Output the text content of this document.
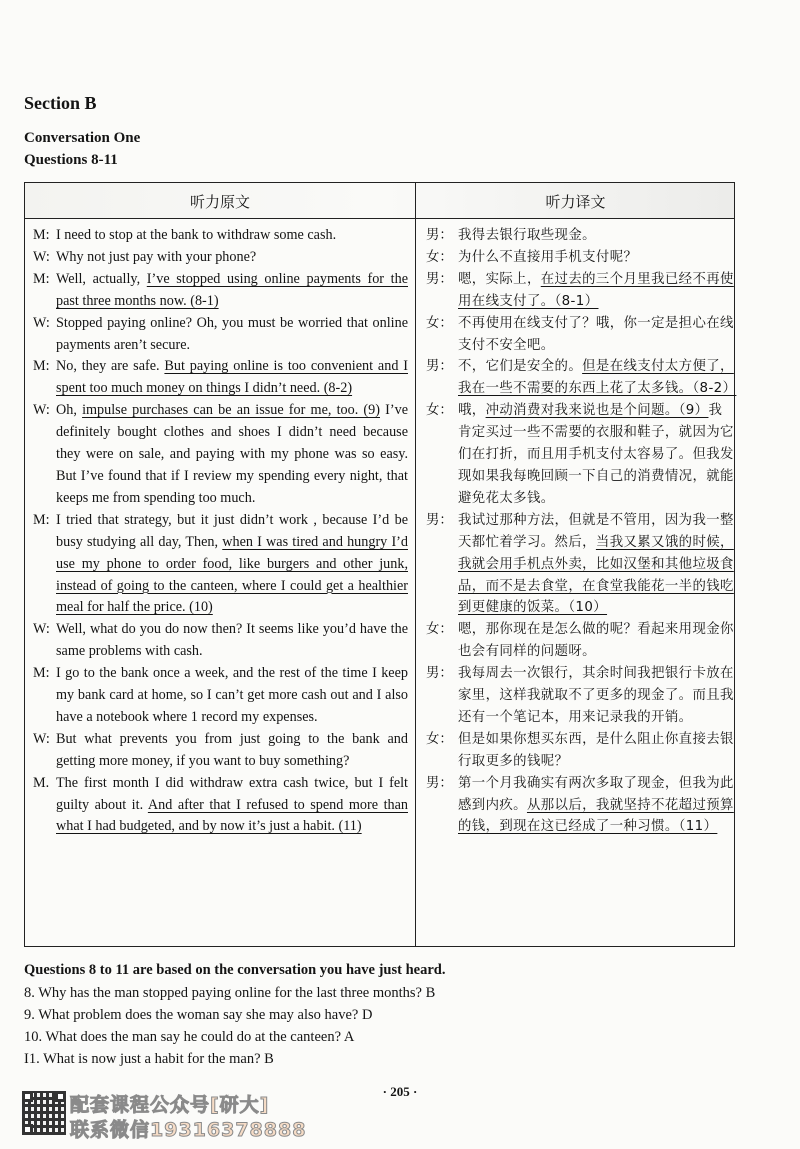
Section B
Conversation One
Questions 8-11
听力原文	听力译文
M: I need to stop at the bank to withdraw some cash.
W: Why not just pay with your phone?
M: Well, actually, I’ve stopped using online payments for the past three months now. (8-1)
W: Stopped paying online? Oh, you must be worried that online payments aren’t secure.
M: No, they are safe. But paying online is too convenient and I spent too much money on things I didn’t need. (8-2)
W: Oh, impulse purchases can be an issue for me, too. (9) I’ve definitely bought clothes and shoes I didn’t need because they were on sale, and paying with my phone was so easy. But I’ve found that if I review my spending every night, that keeps me from spending too much.
M: I tried that strategy, but it just didn’t work , because I’d be busy studying all day, Then, when I was tired and hungry I’d use my phone to order food, like burgers and other junk, instead of going to the canteen, where I could get a healthier meal for half the price. (10)
W: Well, what do you do now then? It seems like you’d have the same problems with cash.
M: I go to the bank once a week, and the rest of the time I keep my bank card at home, so I can’t get more cash out and I also have a notebook where 1 record my expenses.
W: But what prevents you from just going to the bank and getting more money, if you want to buy something?
M. The first month I did withdraw extra cash twice, but I felt guilty about it. And after that I refused to spend more than what I had budgeted, and by now it’s just a habit. (11)
男： 我得去银行取些现金。
女： 为什么不直接用手机支付呢？
男： 嗯，实际上，在过去的三个月里我已经不再使用在线支付了。（8-1）
女： 不再使用在线支付了？哦，你一定是担心在线支付不安全吧。
男： 不，它们是安全的。但是在线支付太方便了，我在一些不需要的东西上花了太多钱。（8-2）
女： 哦，冲动消费对我来说也是个问题。（9）我肯定买过一些不需要的衣服和鞋子，就因为它们在打折，而且用手机支付太容易了。但我发现如果我每晚回顾一下自己的消费情况，就能避免花太多钱。
男： 我试过那种方法，但就是不管用，因为我一整天都忙着学习。然后，当我又累又饿的时候，我就会用手机点外卖，比如汉堡和其他垃圾食品，而不是去食堂，在食堂我能花一半的钱吃到更健康的饭菜。（10）
女： 嗯，那你现在是怎么做的呢？看起来用现金你也会有同样的问题呀。
男： 我每周去一次银行，其余时间我把银行卡放在家里，这样我就取不了更多的现金了。而且我还有一个笔记本，用来记录我的开销。
女： 但是如果你想买东西，是什么阻止你直接去银行取更多的钱呢？
男： 第一个月我确实有两次多取了现金，但我为此感到内疚。从那以后，我就坚持不花超过预算的钱，到现在这已经成了一种习惯。（11）
Questions 8 to 11 are based on the conversation you have just heard.
8. Why has the man stopped paying online for the last three months? B
9. What problem does the woman say she may also have? D
10. What does the man say he could do at the canteen? A
I1. What is now just a habit for the man? B
· 205 ·
配套课程公众号[研大]
联系微信19316378888
